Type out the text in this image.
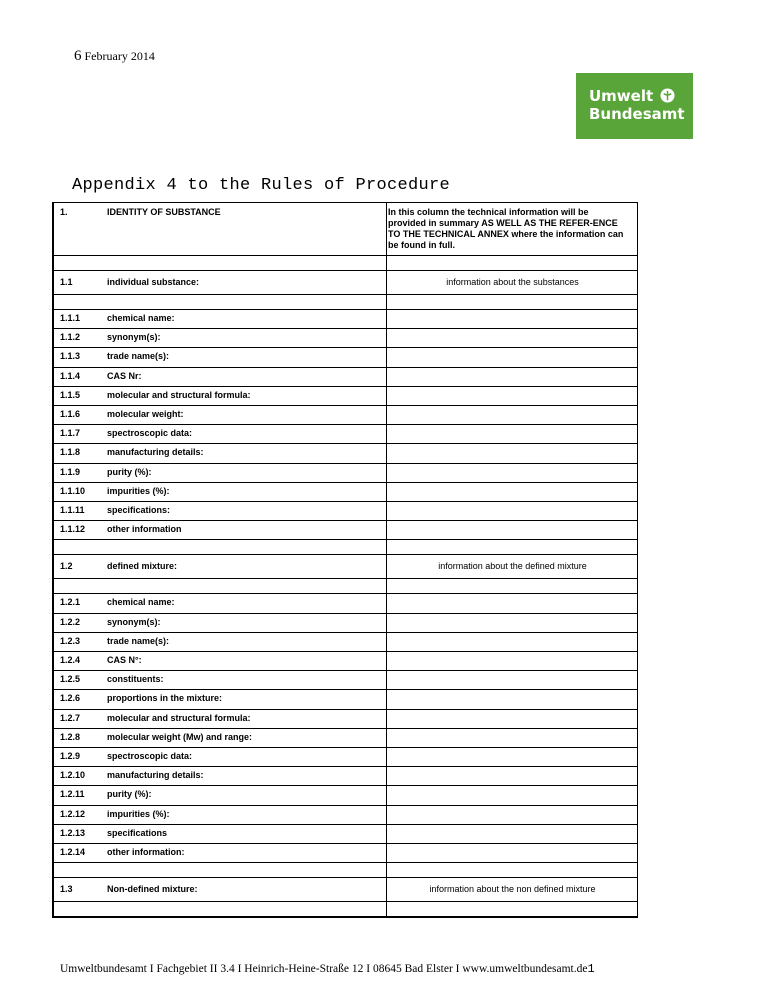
6 February 2014
Umwelt
Bundesamt
Appendix 4 to the Rules of Procedure
1.	IDENTITY OF SUBSTANCE	In this column the technical information will be provided in summary AS WELL AS THE REFER-ENCE TO THE TECHNICAL ANNEX where the information can be found in full.
1.1	individual substance:	information about the substances
1.1.1	chemical name:
1.1.2	synonym(s):
1.1.3	trade name(s):
1.1.4	CAS Nr:
1.1.5	molecular and structural formula:
1.1.6	molecular weight:
1.1.7	spectroscopic data:
1.1.8	manufacturing details:
1.1.9	purity (%):
1.1.10 impurities (%):
1.1.11 specifications:
1.1.12 other information
1.2	defined mixture:	information about the defined mixture
1.2.1	chemical name:
1.2.2	synonym(s):
1.2.3	trade name(s):
1.2.4	CAS N°:
1.2.5	constituents:
1.2.6	proportions in the mixture:
1.2.7	molecular and structural formula:
1.2.8	molecular weight (Mw) and range:
1.2.9	spectroscopic data:
1.2.10 manufacturing details:
1.2.11 purity (%):
1.2.12 impurities (%):
1.2.13 specifications
1.2.14 other information:
1.3	Non-defined mixture:	information about the non defined mixture
Umweltbundesamt I Fachgebiet II 3.4 I Heinrich-Heine-Straße 12 I 08645 Bad Elster I www.umweltbundesamt.de1
